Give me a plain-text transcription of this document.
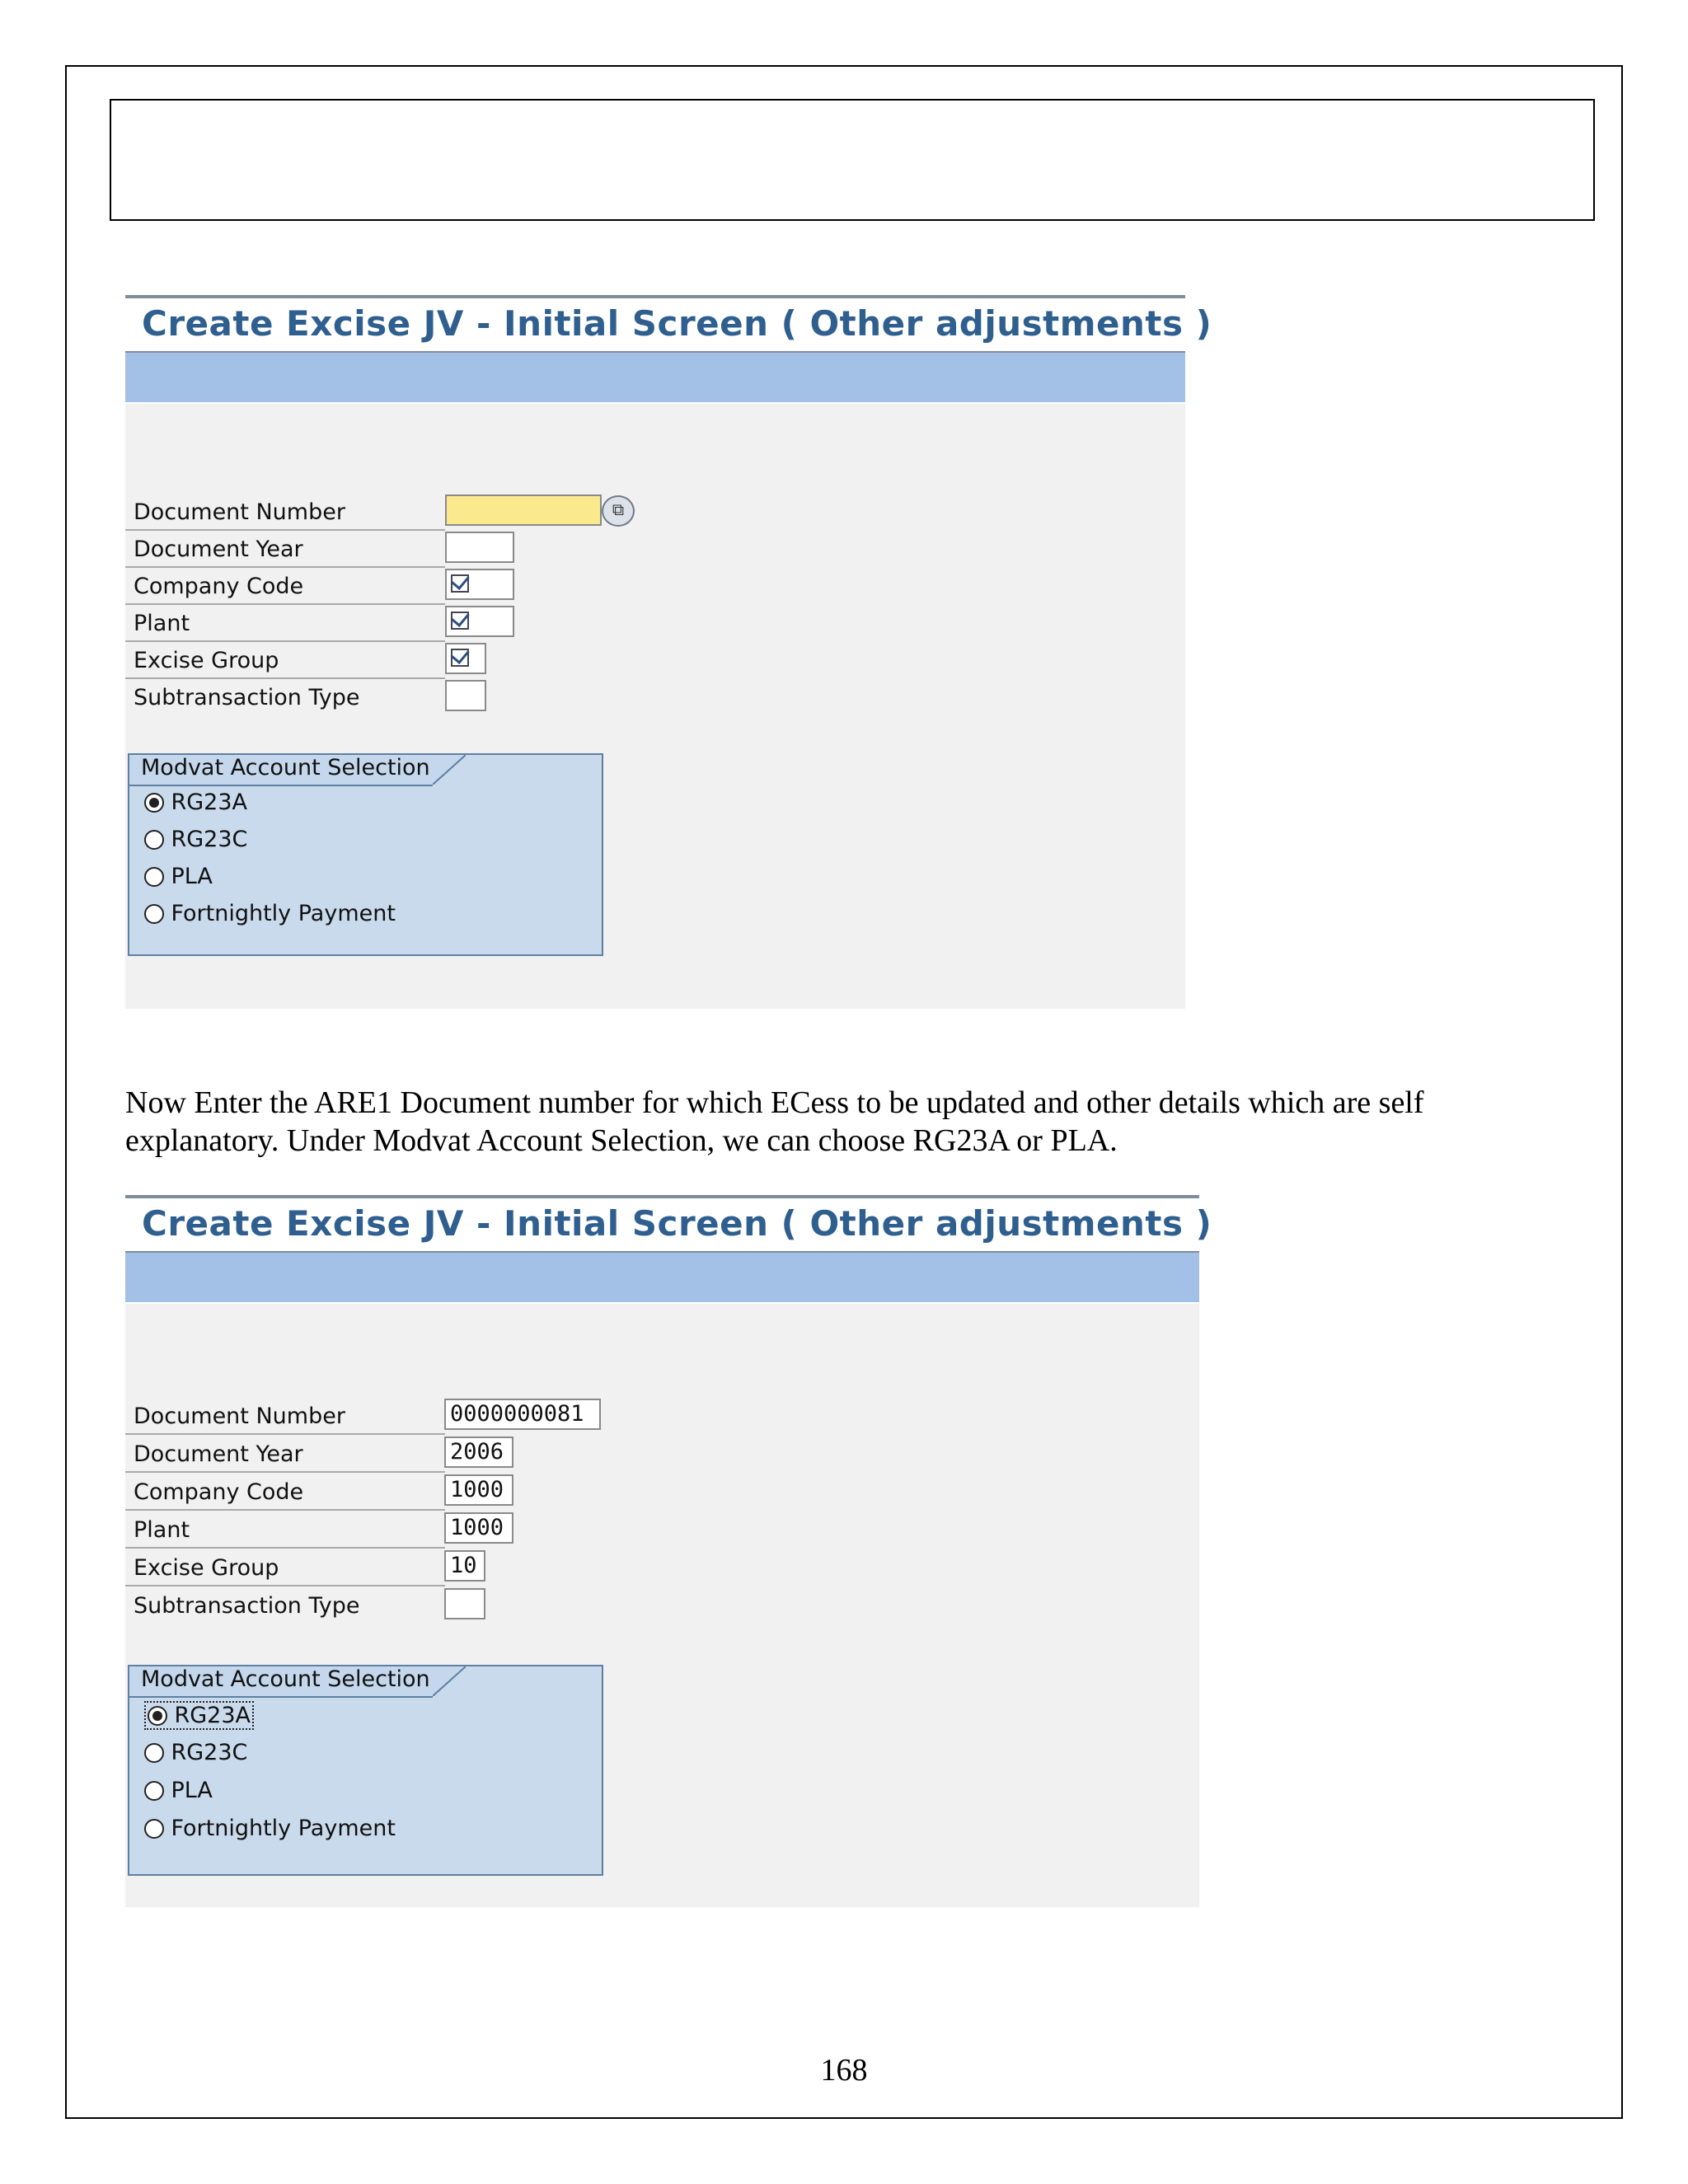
Create Excise JV - Initial Screen ( Other adjustments )
Document Number	⧉
Document Year
Company Code
Plant
Excise Group
Subtransaction Type
Modvat Account Selection
RG23A
RG23C
PLA
Fortnightly Payment
Now Enter the ARE1 Document number for which ECess to be updated and other details which are self explanatory. Under Modvat Account Selection, we can choose RG23A or PLA.
Create Excise JV - Initial Screen ( Other adjustments )
Document Number	0000000081
Document Year	2006
Company Code	1000
Plant	1000
Excise Group	10
Subtransaction Type
Modvat Account Selection
RG23A
RG23C
PLA
Fortnightly Payment
168
